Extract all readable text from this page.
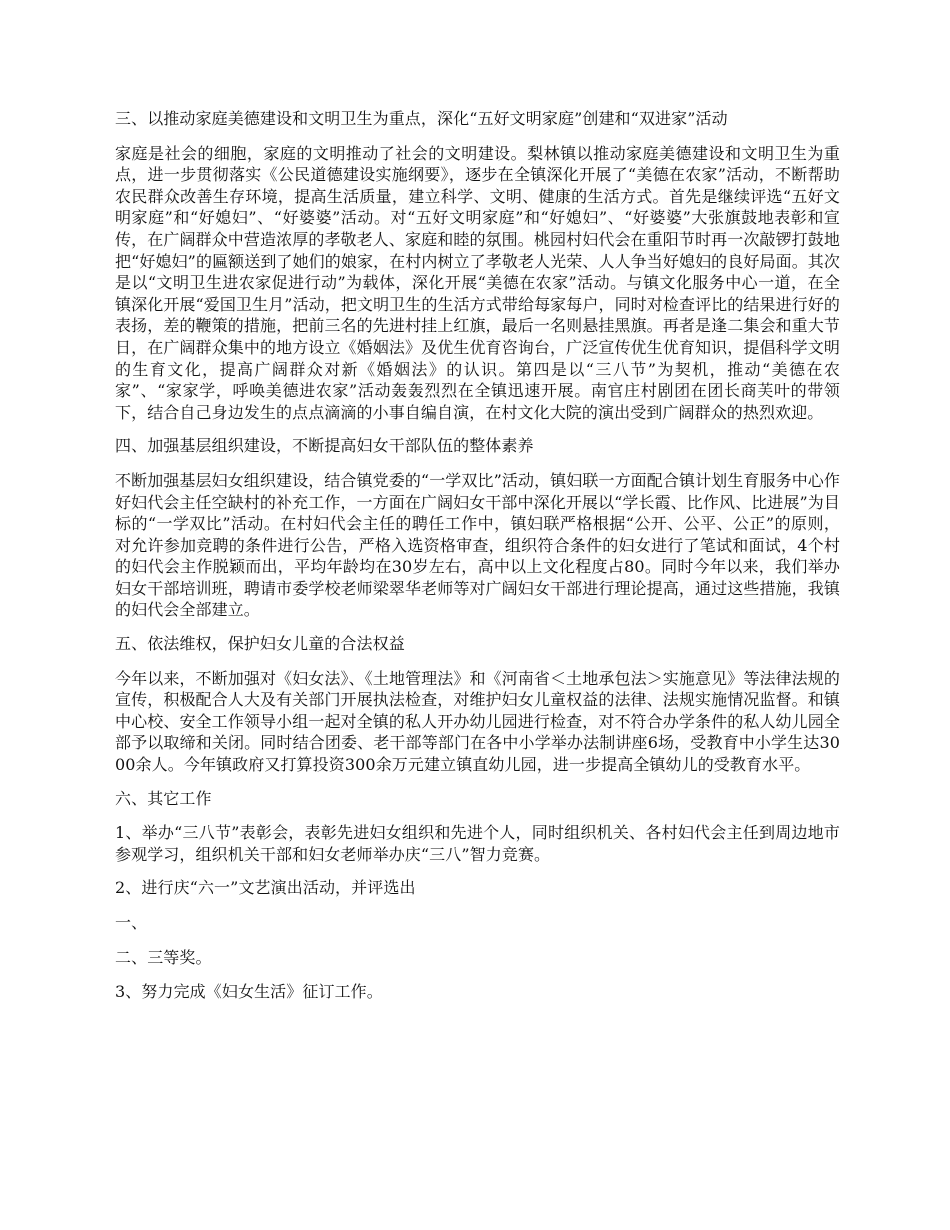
三、以推动家庭美德建设和文明卫生为重点，深化“五好文明家庭”创建和“双进家”活动

家庭是社会的细胞，家庭的文明推动了社会的文明建设。梨林镇以推动家庭美德建设和文明卫生为重点，进一步贯彻落实《公民道德建设实施纲要》，逐步在全镇深化开展了“美德在农家”活动，不断帮助农民群众改善生存环境，提高生活质量，建立科学、文明、健康的生活方式。首先是继续评选“五好文明家庭”和“好媳妇”、“好婆婆”活动。对“五好文明家庭”和“好媳妇”、“好婆婆”大张旗鼓地表彰和宣传，在广阔群众中营造浓厚的孝敬老人、家庭和睦的氛围。桃园村妇代会在重阳节时再一次敲锣打鼓地把“好媳妇”的匾额送到了她们的娘家，在村内树立了孝敬老人光荣、人人争当好媳妇的良好局面。其次是以“文明卫生进农家促进行动”为载体，深化开展“美德在农家”活动。与镇文化服务中心一道，在全镇深化开展“爱国卫生月”活动，把文明卫生的生活方式带给每家每户，同时对检查评比的结果进行好的表扬，差的鞭策的措施，把前三名的先进村挂上红旗，最后一名则悬挂黑旗。再者是逢二集会和重大节日，在广阔群众集中的地方设立《婚姻法》及优生优育咨询台，广泛宣传优生优育知识，提倡科学文明的生育文化，提高广阔群众对新《婚姻法》的认识。第四是以“三八节”为契机，推动“美德在农家”、“家家学，呼唤美德进农家”活动轰轰烈烈在全镇迅速开展。南官庄村剧团在团长商芙叶的带领下，结合自己身边发生的点点滴滴的小事自编自演，在村文化大院的演出受到广阔群众的热烈欢迎。

四、加强基层组织建设，不断提高妇女干部队伍的整体素养

不断加强基层妇女组织建设，结合镇党委的“一学双比”活动，镇妇联一方面配合镇计划生育服务中心作好妇代会主任空缺村的补充工作，一方面在广阔妇女干部中深化开展以“学长霞、比作风、比进展”为目标的“一学双比”活动。在村妇代会主任的聘任工作中，镇妇联严格根据“公开、公平、公正”的原则，对允许参加竞聘的条件进行公告，严格入选资格审查，组织符合条件的妇女进行了笔试和面试，4个村的妇代会主作脱颖而出，平均年龄均在30岁左右，高中以上文化程度占80。同时今年以来，我们举办妇女干部培训班，聘请市委学校老师梁翠华老师等对广阔妇女干部进行理论提高，通过这些措施，我镇的妇代会全部建立。

五、依法维权，保护妇女儿童的合法权益

今年以来，不断加强对《妇女法》、《土地管理法》和《河南省＜土地承包法＞实施意见》等法律法规的宣传，积极配合人大及有关部门开展执法检查，对维护妇女儿童权益的法律、法规实施情况监督。和镇中心校、安全工作领导小组一起对全镇的私人开办幼儿园进行检查，对不符合办学条件的私人幼儿园全部予以取缔和关闭。同时结合团委、老干部等部门在各中小学举办法制讲座6场，受教育中小学生达3000余人。今年镇政府又打算投资300余万元建立镇直幼儿园，进一步提高全镇幼儿的受教育水平。

六、其它工作

1、举办“三八节”表彰会，表彰先进妇女组织和先进个人，同时组织机关、各村妇代会主任到周边地市参观学习，组织机关干部和妇女老师举办庆“三八”智力竞赛。

2、进行庆“六一”文艺演出活动，并评选出

一、

二、三等奖。

3、努力完成《妇女生活》征订工作。
